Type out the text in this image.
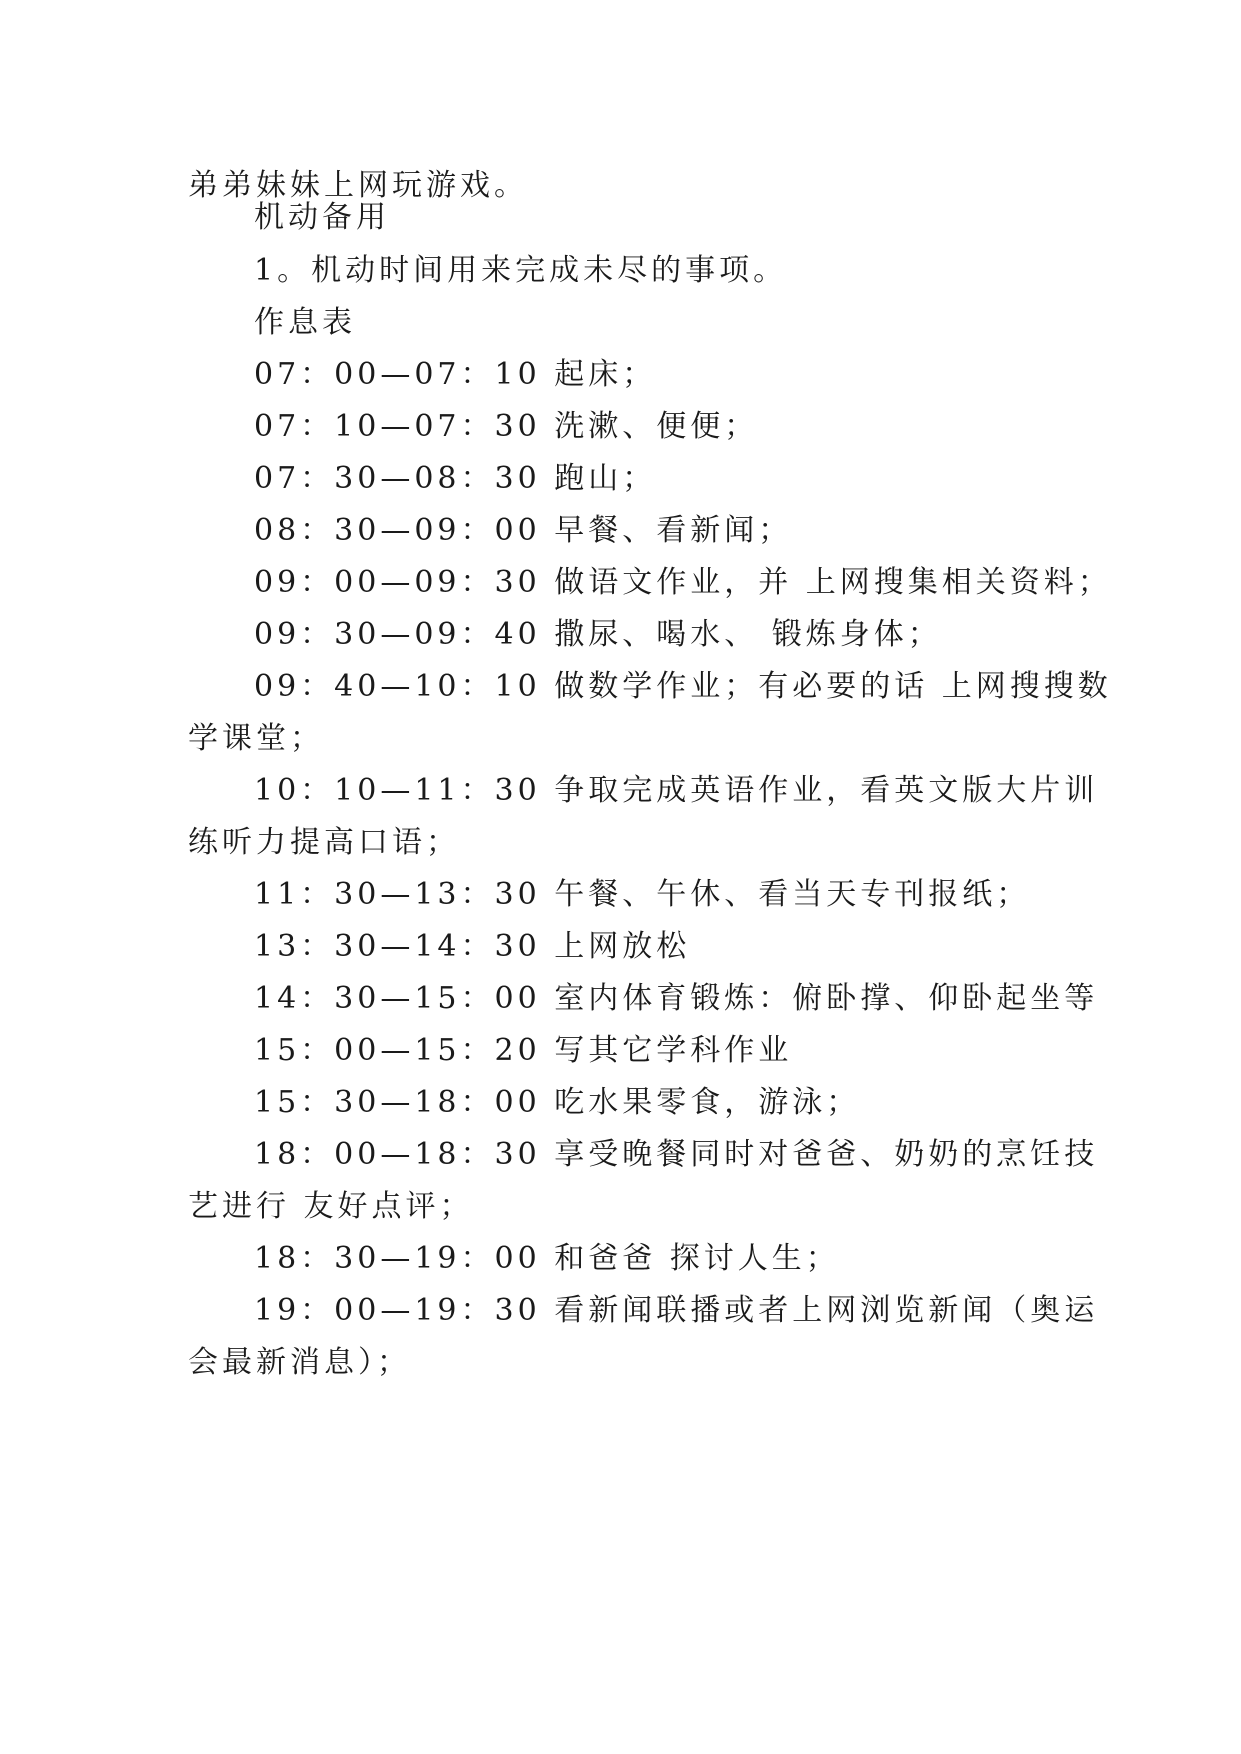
弟弟妹妹上网玩游戏。
机动备用
1。机动时间用来完成未尽的事项。
作息表
07：00—07：10 起床；
07：10—07：30 洗漱、便便；
07：30—08：30 跑山；
08：30—09：00 早餐、看新闻；
09：00—09：30 做语文作业，并 上网搜集相关资料；
09：30—09：40 撒尿、喝水、 锻炼身体；
09：40—10：10 做数学作业；有必要的话 上网搜搜数
学课堂；
10：10—11：30 争取完成英语作业，看英文版大片训
练听力提高口语；
11：30—13：30 午餐、午休、看当天专刊报纸；
13：30—14：30 上网放松
14：30—15：00 室内体育锻炼：俯卧撑、仰卧起坐等
15：00—15：20 写其它学科作业
15：30—18：00 吃水果零食，游泳；
18：00—18：30 享受晚餐同时对爸爸、奶奶的烹饪技
艺进行 友好点评；
18：30—19：00 和爸爸 探讨人生；
19：00—19：30 看新闻联播或者上网浏览新闻（奥运
会最新消息）；
